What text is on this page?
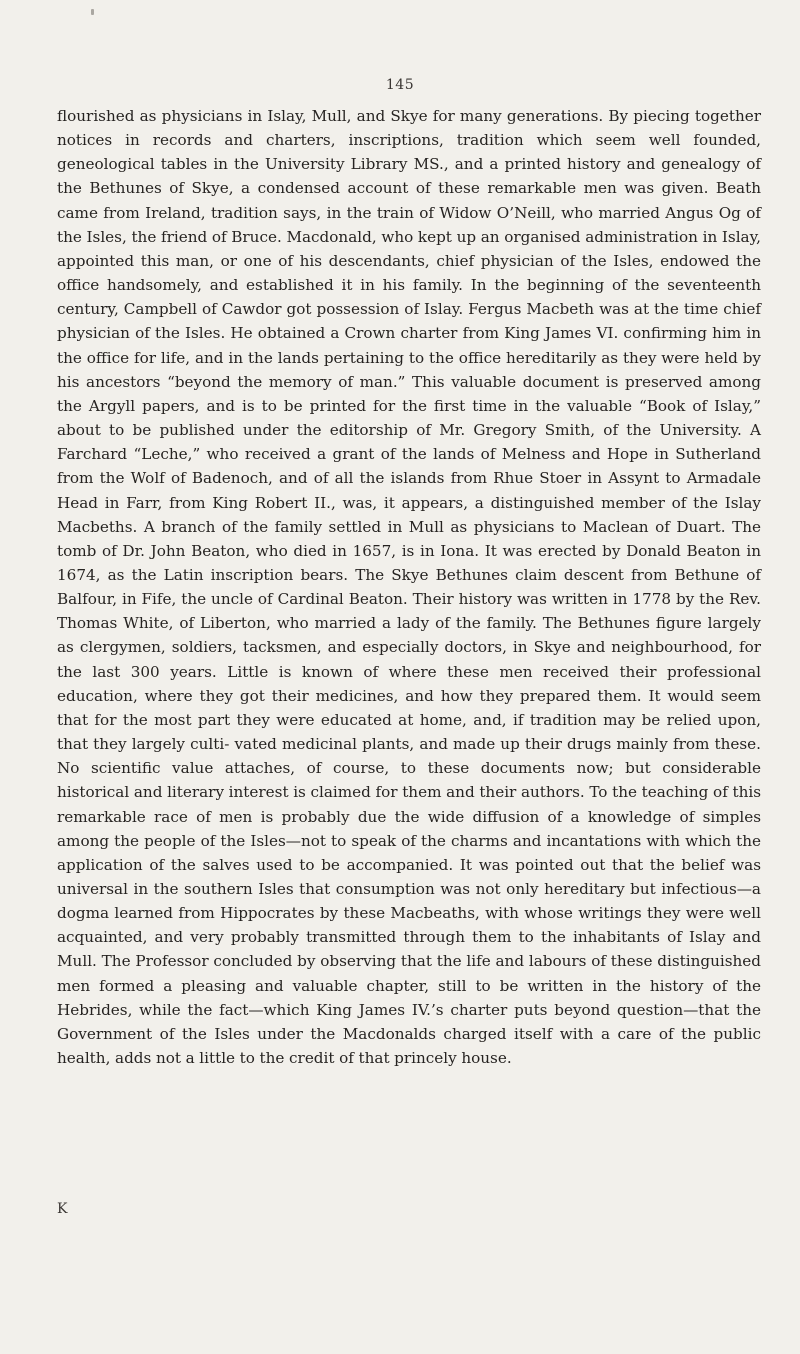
145

flourished as physicians in Islay, Mull, and Skye for many generations. By piecing together notices in records and charters, inscriptions, tradition which seem well founded, geneological tables in the University Library MS., and a printed history and genealogy of the Bethunes of Skye, a condensed account of these remarkable men was given. Beath came from Ireland, tradition says, in the train of Widow O’Neill, who married Angus Og of the Isles, the friend of Bruce. Macdonald, who kept up an organised administration in Islay, appointed this man, or one of his descendants, chief physician of the Isles, endowed the office handsomely, and established it in his family. In the beginning of the seventeenth century, Campbell of Cawdor got possession of Islay. Fergus Macbeth was at the time chief physician of the Isles. He obtained a Crown charter from King James VI. confirming him in the office for life, and in the lands pertaining to the office hereditarily as they were held by his ancestors “beyond the memory of man.” This valuable document is preserved among the Argyll papers, and is to be printed for the first time in the valuable “Book of Islay,” about to be published under the editorship of Mr. Gregory Smith, of the University. A Farchard “Leche,” who received a grant of the lands of Melness and Hope in Sutherland from the Wolf of Badenoch, and of all the islands from Rhue Stoer in Assynt to Armadale Head in Farr, from King Robert II., was, it appears, a distinguished member of the Islay Macbeths. A branch of the family settled in Mull as physicians to Maclean of Duart. The tomb of Dr. John Beaton, who died in 1657, is in Iona. It was erected by Donald Beaton in 1674, as the Latin inscription bears. The Skye Bethunes claim descent from Bethune of Balfour, in Fife, the uncle of Cardinal Beaton. Their history was written in 1778 by the Rev. Thomas White, of Liberton, who married a lady of the family. The Bethunes figure largely as clergymen, soldiers, tacksmen, and especially doctors, in Skye and neighbourhood, for the last 300 years. Little is known of where these men received their professional education, where they got their medicines, and how they prepared them. It would seem that for the most part they were educated at home, and, if tradition may be relied upon, that they largely culti- vated medicinal plants, and made up their drugs mainly from these. No scientific value attaches, of course, to these documents now; but considerable historical and literary interest is claimed for them and their authors. To the teaching of this remarkable race of men is probably due the wide diffusion of a knowledge of simples among the people of the Isles—not to speak of the charms and incantations with which the application of the salves used to be accompanied. It was pointed out that the belief was universal in the southern Isles that consumption was not only hereditary but infectious—a dogma learned from Hippocrates by these Macbeaths, with whose writings they were well acquainted, and very probably transmitted through them to the inhabitants of Islay and Mull. The Professor concluded by observing that the life and labours of these distinguished men formed a pleasing and valuable chapter, still to be written in the history of the Hebrides, while the fact—which King James IV.’s charter puts beyond question—that the Government of the Isles under the Macdonalds charged itself with a care of the public health, adds not a little to the credit of that princely house.

K
